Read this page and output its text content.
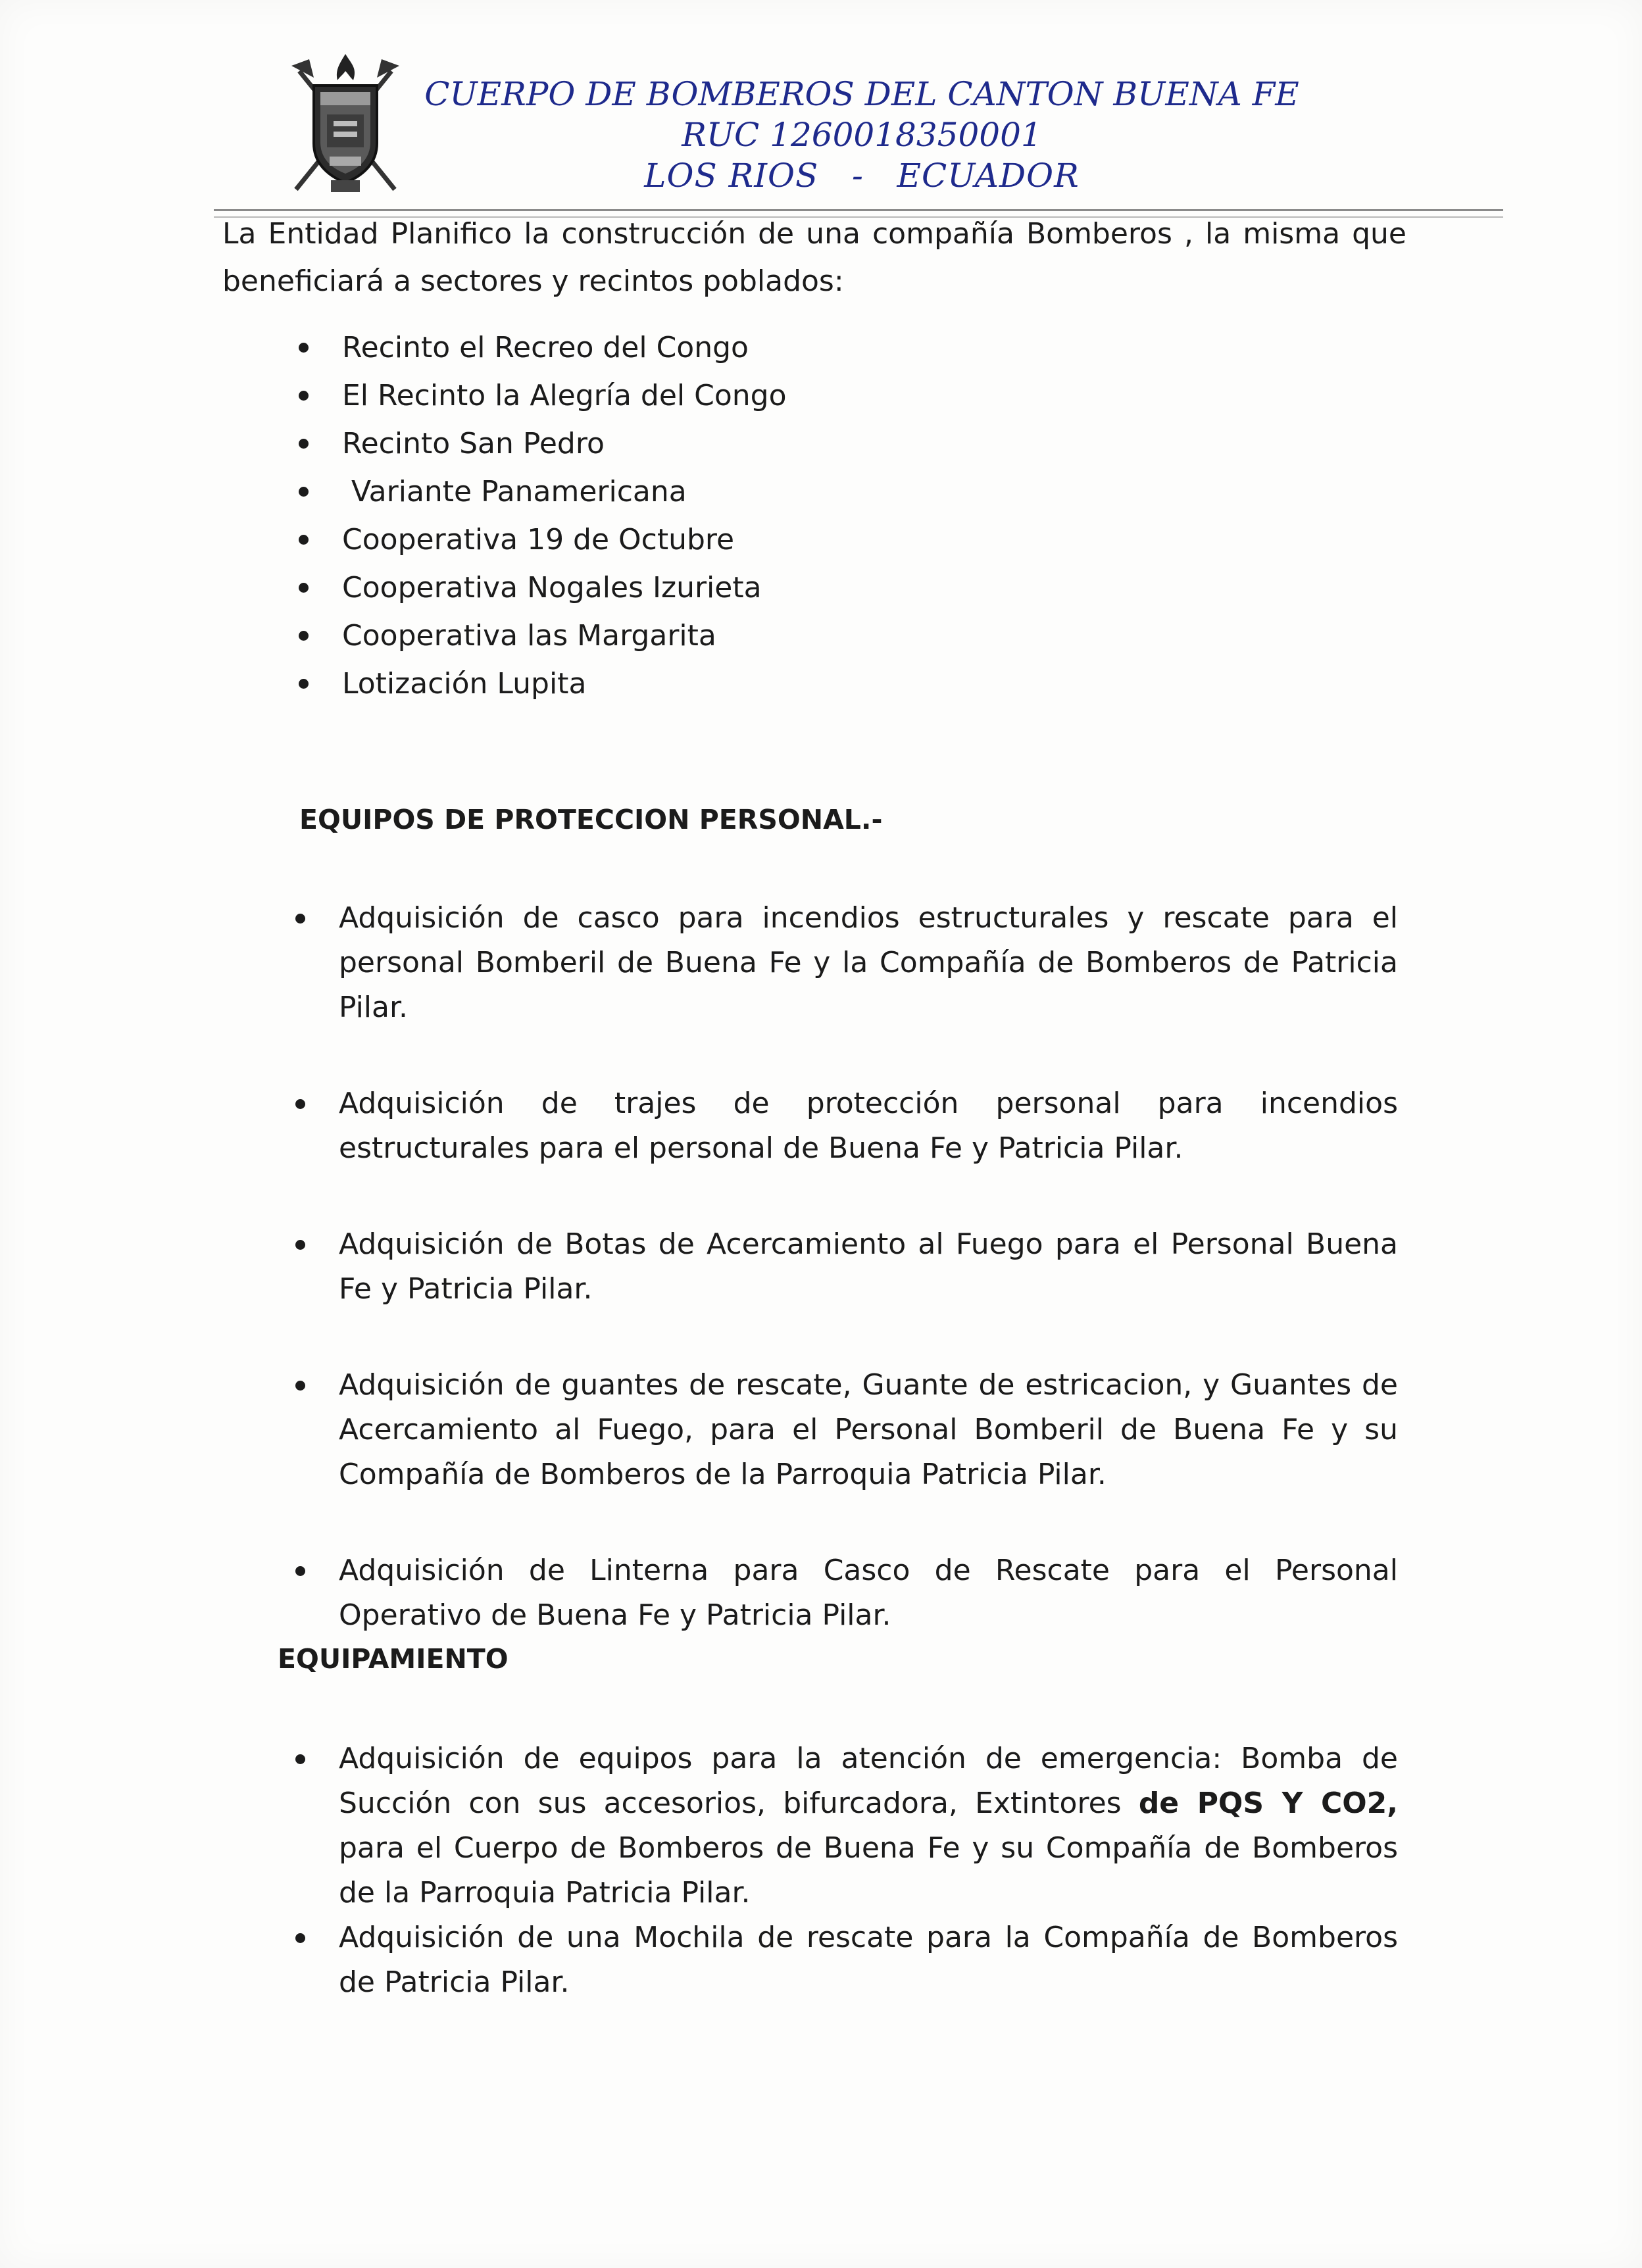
CUERPO DE BOMBEROS DEL CANTON BUENA FE
RUC 1260018350001
LOS RIOS   -   ECUADOR
La Entidad Planifico la construcción de una compañía Bomberos , la misma que
beneficiará a sectores y recintos poblados:
Recinto el Recreo del Congo
El Recinto la Alegría del Congo
Recinto San Pedro
Variante Panamericana
Cooperativa 19 de Octubre
Cooperativa Nogales Izurieta
Cooperativa las Margarita
Lotización Lupita
EQUIPOS DE PROTECCION PERSONAL.-
Adquisición de casco para incendios estructurales y rescate para el personal Bomberil de Buena Fe y la Compañía de Bomberos de Patricia Pilar.
Adquisición de trajes de protección personal para incendios estructurales para el personal de Buena Fe y Patricia Pilar.
Adquisición de Botas de Acercamiento al Fuego para el Personal Buena Fe y Patricia Pilar.
Adquisición de guantes de rescate, Guante de estricacion, y Guantes de Acercamiento al Fuego, para el Personal Bomberil de Buena Fe y su Compañía de Bomberos de la Parroquia Patricia Pilar.
Adquisición de Linterna para Casco de Rescate para el Personal Operativo de Buena Fe y Patricia Pilar.
EQUIPAMIENTO
Adquisición de equipos para la atención de emergencia: Bomba de Succión con sus accesorios, bifurcadora, Extintores de PQS Y CO2, para el Cuerpo de Bomberos de Buena Fe y su Compañía de Bomberos de la Parroquia Patricia Pilar.
Adquisición de una Mochila de rescate para la Compañía de Bomberos de Patricia Pilar.
